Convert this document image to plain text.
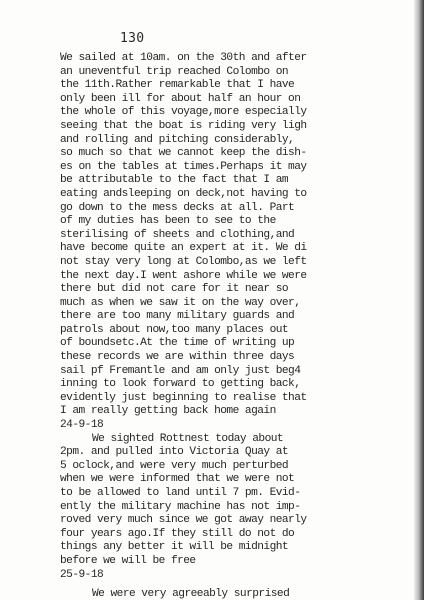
130
We sailed at 10am. on the 30th and after
an uneventful trip reached Colombo on
the 11th.Rather remarkable that I have
only been ill for about half an hour on
the whole of this voyage,more especially
seeing that the boat is riding very ligh
and rolling and pitching considerably,
so much so that we cannot keep the dish-
es on the tables at times.Perhaps it may
be attributable to the fact that I am
eating andsleeping on deck,not having to
go down to the mess decks at all. Part
of my duties has been to see to the
sterilising of sheets and clothing,and
have become quite an expert at it. We di
not stay very long at Colombo,as we left
the next day.I went ashore while we were
there but did not care for it near so
much as when we saw it on the way over,
there are too many military guards and
patrols about now,too many places out
of boundsetc.At the time of writing up
these records we are within three days
sail pf Fremantle and am only just beg4
inning to look forward to getting back,
evidently just beginning to realise that
I am really getting back home again
24-9-18
We sighted Rottnest today about
2pm. and pulled into Victoria Quay at
5 oclock,and were very much perturbed
when we were informed that we were not
to be allowed to land until 7 pm. Evid-
ently the military machine has not imp-
roved very much since we got away nearly
four years ago.If they still do not do
things any better it will be midnight
before we will be free
25-9-18
We were very agreeably surprised
